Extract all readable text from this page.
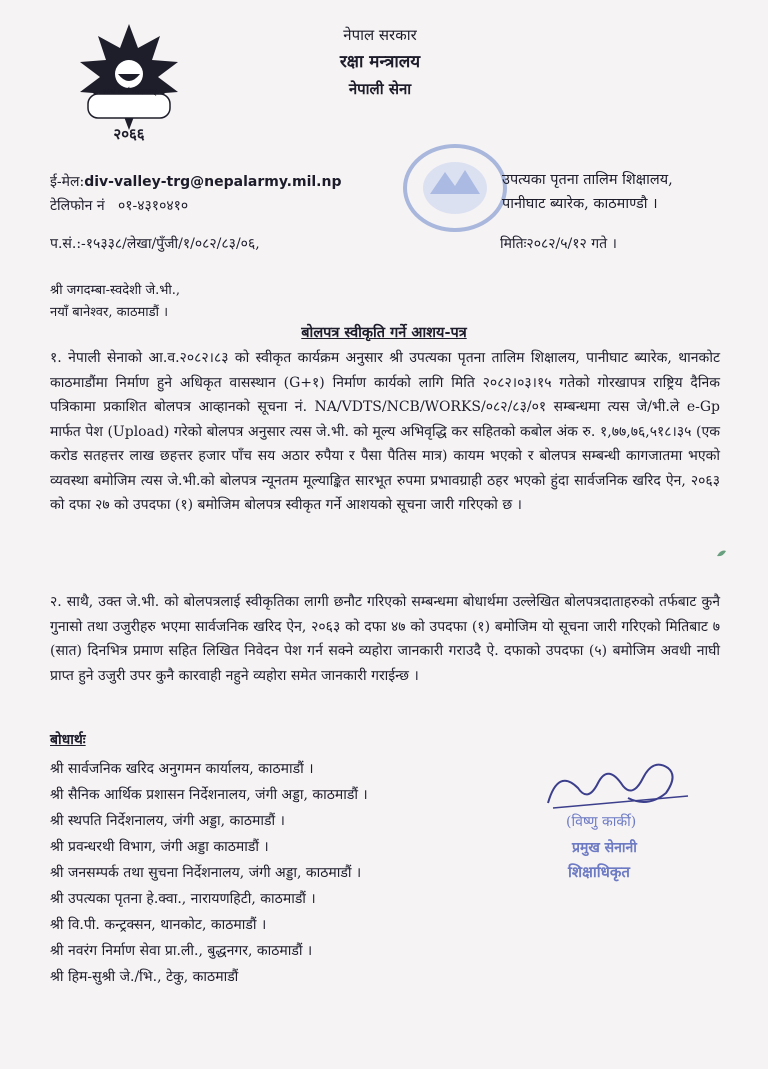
सत्ये कर्म संरक्षणम्
२०६६
नेपाल सरकार
रक्षा मन्त्रालय
नेपाली सेना
ई-मेल:div-valley-trg@nepalarmy.mil.np
टेलिफोन नं ०१-४३१०४१०
उपत्यका पृतना तालिम शिक्षालय,
पानीघाट ब्यारेक, काठमाण्डौ ।
प.सं.:-१५३३८/लेखा/पुँजी/१/०८२/८३/०६,	मितिः२०८२/५/१२ गते ।
श्री जगदम्बा-स्वदेशी जे.भी.,
नयाँ बानेश्वर, काठमाडौं ।
बोलपत्र स्वीकृति गर्ने आशय-पत्र
१. नेपाली सेनाको आ.व.२०८२।८३ को स्वीकृत कार्यक्रम अनुसार श्री उपत्यका पृतना तालिम शिक्षालय, पानीघाट ब्यारेक, थानकोट काठमाडौंमा निर्माण हुने अधिकृत वासस्थान (G+१) निर्माण कार्यको लागि मिति २०८२।०३।१५ गतेको गोरखापत्र राष्ट्रिय दैनिक पत्रिकामा प्रकाशित बोलपत्र आव्हानको सूचना नं. NA/VDTS/NCB/WORKS/०८२/८३/०१ सम्बन्धमा त्यस जे/भी.ले e-Gp मार्फत पेश (Upload) गरेको बोलपत्र अनुसार त्यस जे.भी. को मूल्य अभिवृद्धि कर सहितको कबोल अंक रु. १,७७,७६,५१८।३५ (एक करोड सतहत्तर लाख छहत्तर हजार पाँच सय अठार रुपैया र पैसा पैतिस मात्र) कायम भएको र बोलपत्र सम्बन्धी कागजातमा भएको व्यवस्था बमोजिम त्यस जे.भी.को बोलपत्र न्यूनतम मूल्याङ्कित सारभूत रुपमा प्रभावग्राही ठहर भएको हुंदा सार्वजनिक खरिद ऐन, २०६३ को दफा २७ को उपदफा (१) बमोजिम बोलपत्र स्वीकृत गर्ने आशयको सूचना जारी गरिएको छ ।
२. साथै, उक्त जे.भी. को बोलपत्रलाई स्वीकृतिका लागी छनौट गरिएको सम्बन्धमा बोधार्थमा उल्लेखित बोलपत्रदाताहरुको तर्फबाट कुनै गुनासो तथा उजुरीहरु भएमा सार्वजनिक खरिद ऐन, २०६३ को दफा ४७ को उपदफा (१) बमोजिम यो सूचना जारी गरिएको मितिबाट ७ (सात) दिनभित्र प्रमाण सहित लिखित निवेदन पेश गर्न सक्ने व्यहोरा जानकारी गराउदै ऐ. दफाको उपदफा (५) बमोजिम अवधी नाघी प्राप्त हुने उजुरी उपर कुनै कारवाही नहुने व्यहोरा समेत जानकारी गराईन्छ ।
बोधार्थः
श्री सार्वजनिक खरिद अनुगमन कार्यालय, काठमाडौं ।
श्री सैनिक आर्थिक प्रशासन निर्देशनालय, जंगी अड्डा, काठमाडौं ।
श्री स्थपति निर्देशनालय, जंगी अड्डा, काठमाडौं ।
श्री प्रवन्धरथी विभाग, जंगी अड्डा काठमाडौं ।
श्री जनसम्पर्क तथा सुचना निर्देशनालय, जंगी अड्डा, काठमाडौं ।
श्री उपत्यका पृतना हे.क्वा., नारायणहिटी, काठमाडौं ।
श्री वि.पी. कन्ट्रक्सन, थानकोट, काठमाडौं ।
श्री नवरंग निर्माण सेवा प्रा.ली., बुद्धनगर, काठमाडौं ।
श्री हिम-सुश्री जे./भि., टेकु, काठमाडौं
(विष्णु कार्की)
प्रमुख सेनानी
शिक्षाधिकृत
